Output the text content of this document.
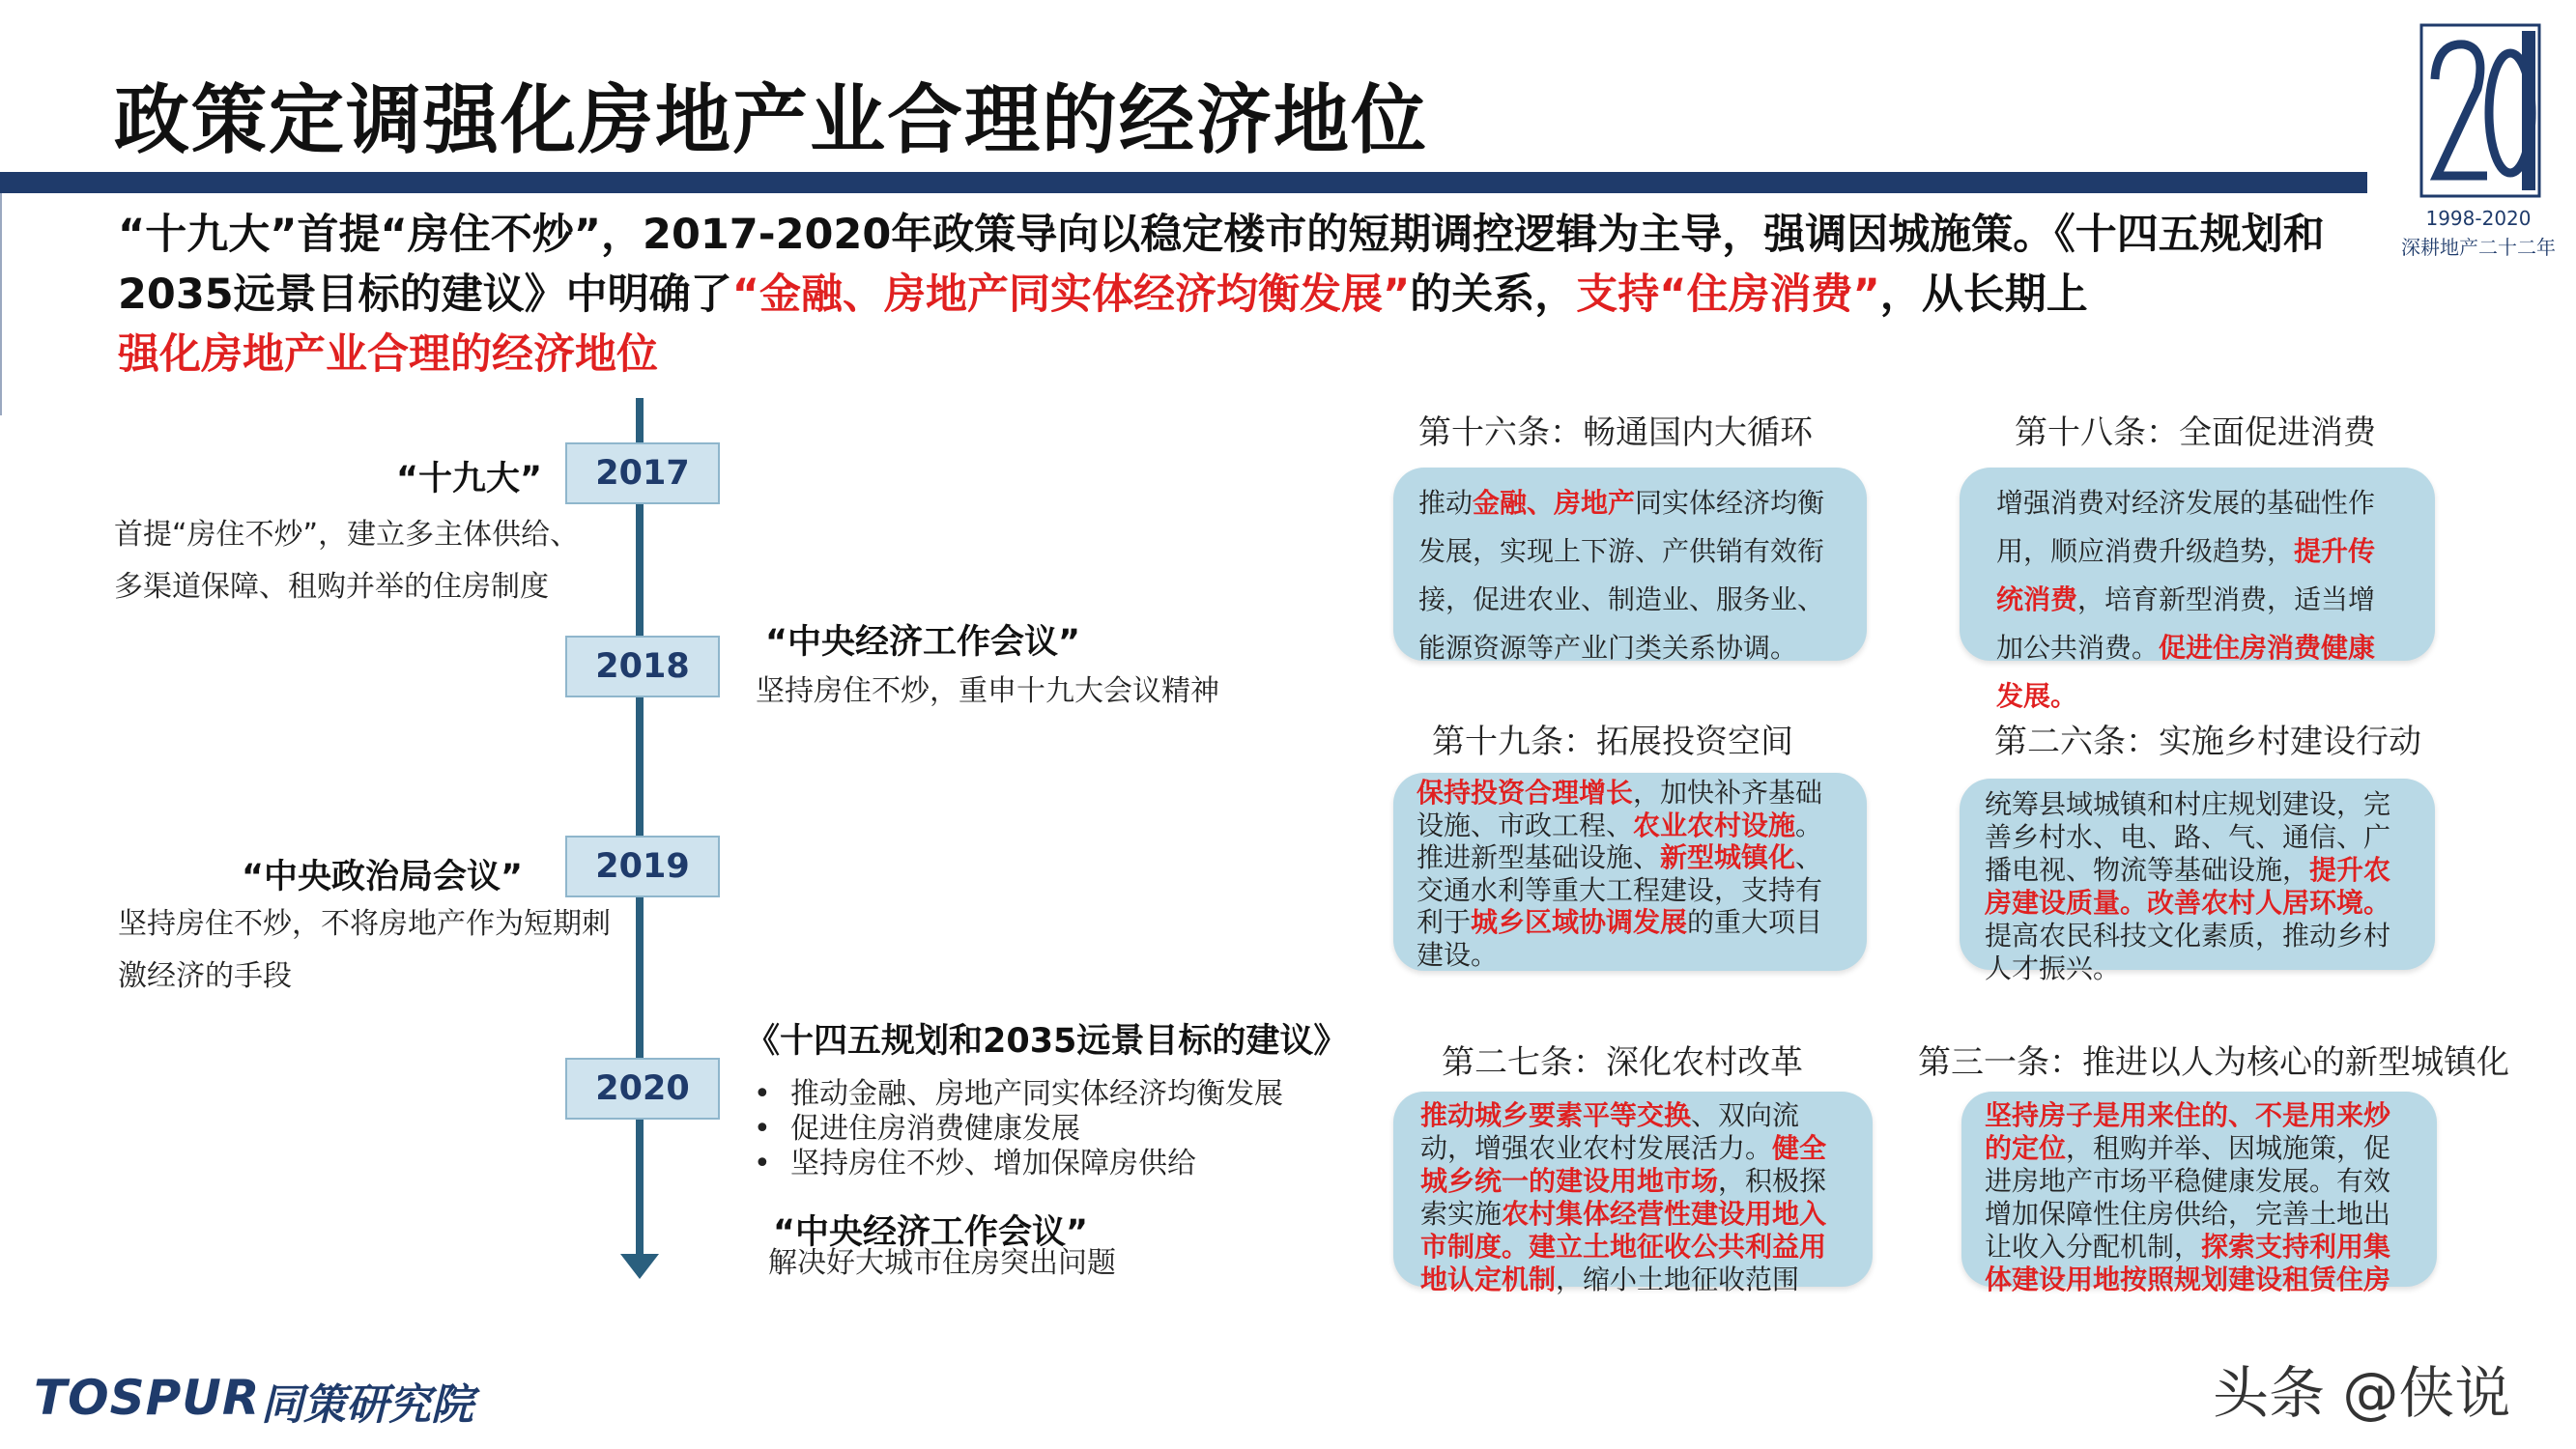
政策定调强化房地产业合理的经济地位
1998-2020
深耕地产二十二年
“十九大”首提“房住不炒”，2017-2020年政策导向以稳定楼市的短期调控逻辑为主导，强调因城施策。《十四五规划和2035远景目标的建议》中明确了“金融、房地产同实体经济均衡发展”的关系，支持“住房消费”，从长期上
强化房地产业合理的经济地位
2017
“十九大”
首提“房住不炒”，建立多主体供给、
多渠道保障、租购并举的住房制度
2018
“中央经济工作会议”
坚持房住不炒，重申十九大会议精神
2019
“中央政治局会议”
坚持房住不炒，不将房地产作为短期刺
激经济的手段
2020
《十四五规划和2035远景目标的建议》
• 推动金融、房地产同实体经济均衡发展
• 促进住房消费健康发展
• 坚持房住不炒、增加保障房供给
“中央经济工作会议”
解决好大城市住房突出问题
第十六条：畅通国内大循环
推动金融、房地产同实体经济均衡发展，实现上下游、产供销有效衔接，促进农业、制造业、服务业、能源资源等产业门类关系协调。
第十八条：全面促进消费
增强消费对经济发展的基础性作用，顺应消费升级趋势，提升传统消费，培育新型消费，适当增加公共消费。促进住房消费健康发展。
第十九条：拓展投资空间
保持投资合理增长，加快补齐基础设施、市政工程、农业农村设施。推进新型基础设施、新型城镇化、交通水利等重大工程建设，支持有利于城乡区域协调发展的重大项目建设。
第二六条：实施乡村建设行动
统筹县域城镇和村庄规划建设，完善乡村水、电、路、气、通信、广播电视、物流等基础设施，提升农房建设质量。改善农村人居环境。提高农民科技文化素质，推动乡村人才振兴。
第二七条：深化农村改革
推动城乡要素平等交换、双向流动，增强农业农村发展活力。健全城乡统一的建设用地市场，积极探索实施农村集体经营性建设用地入市制度。建立土地征收公共利益用地认定机制，缩小土地征收范围
第三一条：推进以人为核心的新型城镇化
坚持房子是用来住的、不是用来炒的定位，租购并举、因城施策，促进房地产市场平稳健康发展。有效增加保障性住房供给，完善土地出让收入分配机制，探索支持利用集体建设用地按照规划建设租赁住房
TOSPUR 同策研究院	头条 @侠说
